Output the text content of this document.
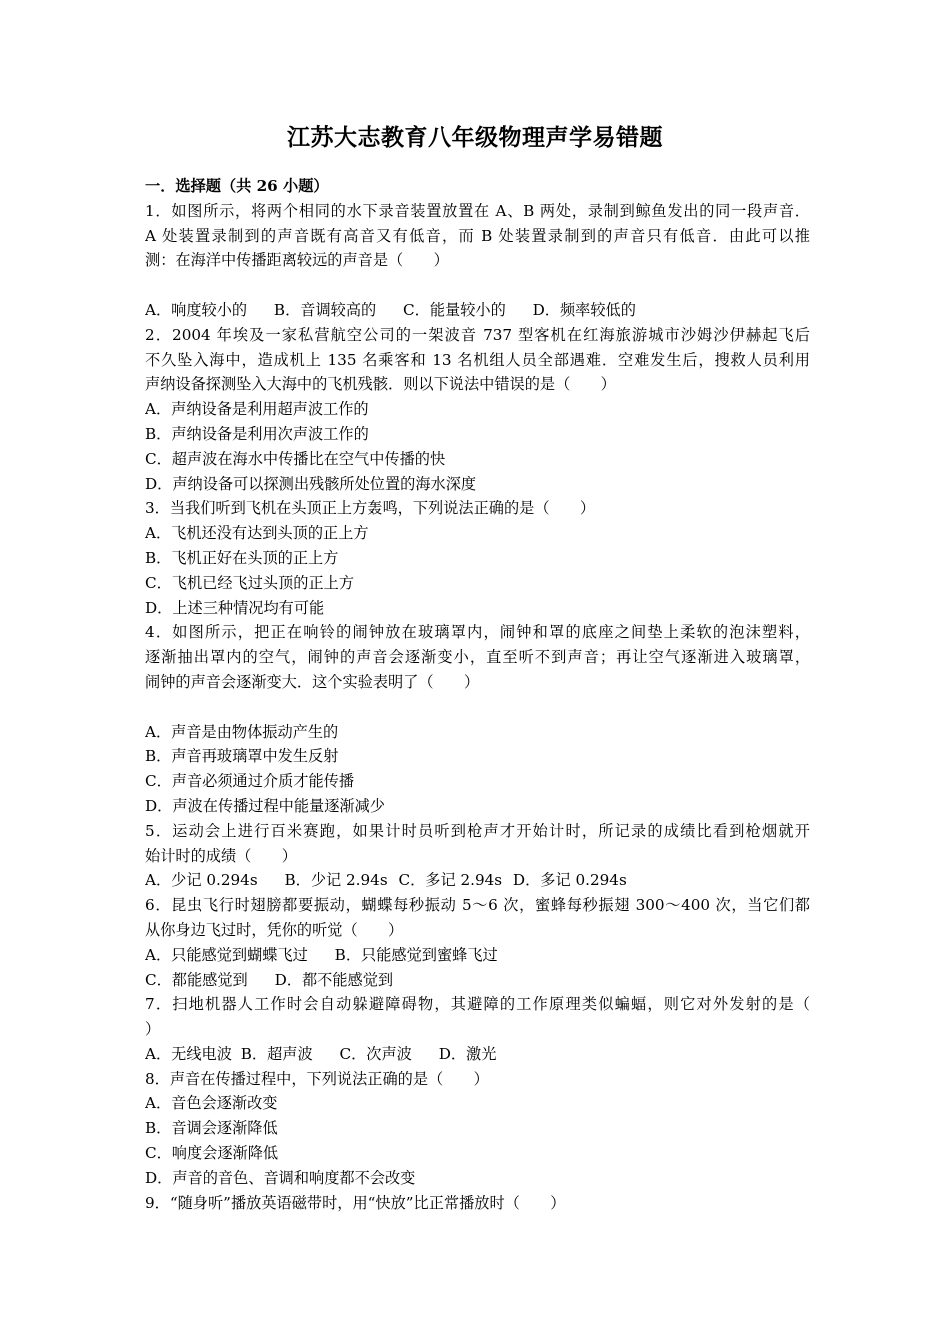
江苏大志教育八年级物理声学易错题
一．选择题（共 26 小题）
1．如图所示，将两个相同的水下录音装置放置在 A、B 两处，录制到鲸鱼发出的同一段声音．
A 处装置录制到的声音既有高音又有低音，而 B 处装置录制到的声音只有低音．由此可以推
测：在海洋中传播距离较远的声音是（　　）
A．响度较小的 B．音调较高的 C．能量较小的 D．频率较低的
2．2004 年埃及一家私营航空公司的一架波音 737 型客机在红海旅游城市沙姆沙伊赫起飞后
不久坠入海中，造成机上 135 名乘客和 13 名机组人员全部遇难．空难发生后，搜救人员利用
声纳设备探测坠入大海中的飞机残骸．则以下说法中错误的是（　　）
A．声纳设备是利用超声波工作的
B．声纳设备是利用次声波工作的
C．超声波在海水中传播比在空气中传播的快
D．声纳设备可以探测出残骸所处位置的海水深度
3．当我们听到飞机在头顶正上方轰鸣，下列说法正确的是（　　）
A．飞机还没有达到头顶的正上方
B．飞机正好在头顶的正上方
C．飞机已经飞过头顶的正上方
D．上述三种情况均有可能
4．如图所示，把正在响铃的闹钟放在玻璃罩内，闹钟和罩的底座之间垫上柔软的泡沫塑料，
逐渐抽出罩内的空气，闹钟的声音会逐渐变小，直至听不到声音；再让空气逐渐进入玻璃罩，
闹钟的声音会逐渐变大．这个实验表明了（　　）
A．声音是由物体振动产生的
B．声音再玻璃罩中发生反射
C．声音必须通过介质才能传播
D．声波在传播过程中能量逐渐减少
5．运动会上进行百米赛跑，如果计时员听到枪声才开始计时，所记录的成绩比看到枪烟就开
始计时的成绩（　　）
A．少记 0.294s B．少记 2.94s C．多记 2.94s D．多记 0.294s
6．昆虫飞行时翅膀都要振动，蝴蝶每秒振动 5～6 次，蜜蜂每秒振翅 300～400 次，当它们都
从你身边飞过时，凭你的听觉（　　）
A．只能感觉到蝴蝶飞过 B．只能感觉到蜜蜂飞过
C．都能感觉到 D．都不能感觉到
7．扫地机器人工作时会自动躲避障碍物，其避障的工作原理类似蝙蝠，则它对外发射的是（
）
A．无线电波 B．超声波 C．次声波 D．激光
8．声音在传播过程中，下列说法正确的是（　　）
A．音色会逐渐改变
B．音调会逐渐降低
C．响度会逐渐降低
D．声音的音色、音调和响度都不会改变
9．“随身听”播放英语磁带时，用“快放”比正常播放时（　　）
